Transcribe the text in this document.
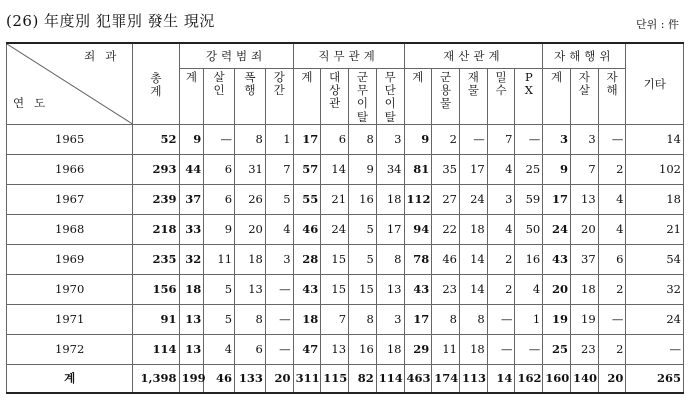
(26) 年度別 犯罪別 發生 現況	단위 : 件
죄과
연도	총계	강력범죄				직무관계				재산관계					자해행위			기타
		계	살인	폭행	강간	계	대상관	군무이탈	무단이탈	계	군용물	재물	밀수	PX	계	자살	자해	
1965	52	9	—	8	1	17	6	8	3	9	2	—	7	—	3	3	—	14
1966	293	44	6	31	7	57	14	9	34	81	35	17	4	25	9	7	2	102
1967	239	37	6	26	5	55	21	16	18	112	27	24	3	59	17	13	4	18
1968	218	33	9	20	4	46	24	5	17	94	22	18	4	50	24	20	4	21
1969	235	32	11	18	3	28	15	5	8	78	46	14	2	16	43	37	6	54
1970	156	18	5	13	—	43	15	15	13	43	23	14	2	4	20	18	2	32
1971	91	13	5	8	—	18	7	8	3	17	8	8	—	1	19	19	—	24
1972	114	13	4	6	—	47	13	16	18	29	11	18	—	—	25	23	2	—
계	1,398	199	46	133	20	311	115	82	114	463	174	113	14	162	160	140	20	265
